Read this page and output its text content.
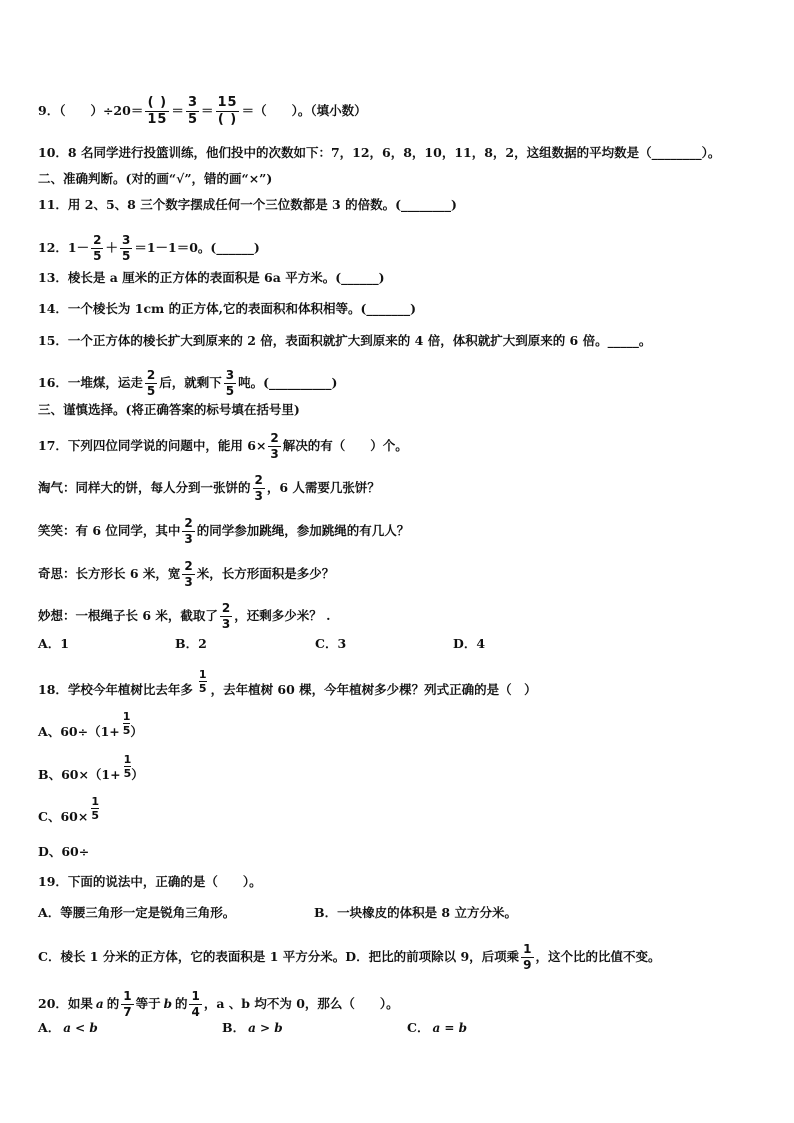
9．（　　）$\div 20= \frac{( )}{15} = \frac{3}{5} = \frac{15}{( )}$ ＝（　　）。（填小数）
10．8 名同学进行投篮训练，他们投中的次数如下：7，12，6，8，10，11，8，2，这组数据的平均数是（________）。
二、准确判断。(对的画“√”，错的画“×”)
11．用 2、5、8 三个数字摆成任何一个三位数都是 3 的倍数。(________)
12．$1- \frac{2}{5} + \frac{3}{5} =1-1=0$。(______)
13．棱长是 a 厘米的正方体的表面积是 6a 平方米。(______)
14．一个棱长为 1cm 的正方体,它的表面积和体积相等。(_______)
15．一个正方体的棱长扩大到原来的 2 倍，表面积就扩大到原来的 4 倍，体积就扩大到原来的 6 倍。_____。
16．一堆煤，运走 $\frac{2}{5}$ 后，就剩下 $\frac{3}{5}$ 吨。(__________)
三、谨慎选择。(将正确答案的标号填在括号里)
17．下列四位同学说的问题中，能用 $6\times \frac{2}{3}$ 解决的有（　　）个。
淘气：同样大的饼，每人分到一张饼的 $\frac{2}{3}$ ，6 人需要几张饼？
笑笑：有 6 位同学，其中 $\frac{2}{3}$ 的同学参加跳绳，参加跳绳的有几人？
奇思：长方形长 6 米，宽 $\frac{2}{3}$ 米，长方形面积是多少？
妙想：一根绳子长 6 米，截取了 $\frac{2}{3}$ ，还剩多少米？ .
A．1	B．2	C．3	D．4
18．学校今年植树比去年多 $\frac{1}{5}$ ，去年植树 60 棵，今年植树多少棵？列式正确的是（　）
A、$60\div(1+ \frac{1}{5}$ ）
B、$60\times(1+ \frac{1}{5}$ ）
C、$60\times \frac{1}{5}$
D、60÷
19．下面的说法中，正确的是（　　）。
A．等腰三角形一定是锐角三角形。	B．一块橡皮的体积是 8 立方分米。
C．棱长 1 分米的正方体，它的表面积是 1 平方分米。 D．把比的前项除以 9，后项乘 $\frac{1}{9}$ ，这个比的比值不变。
20．如果 a 的 $\frac{1}{7}$ 等于 b 的 $\frac{1}{4}$ ，a 、b 均不为 0，那么（　　）。
A． a < b	B． a > b	C． a = b
